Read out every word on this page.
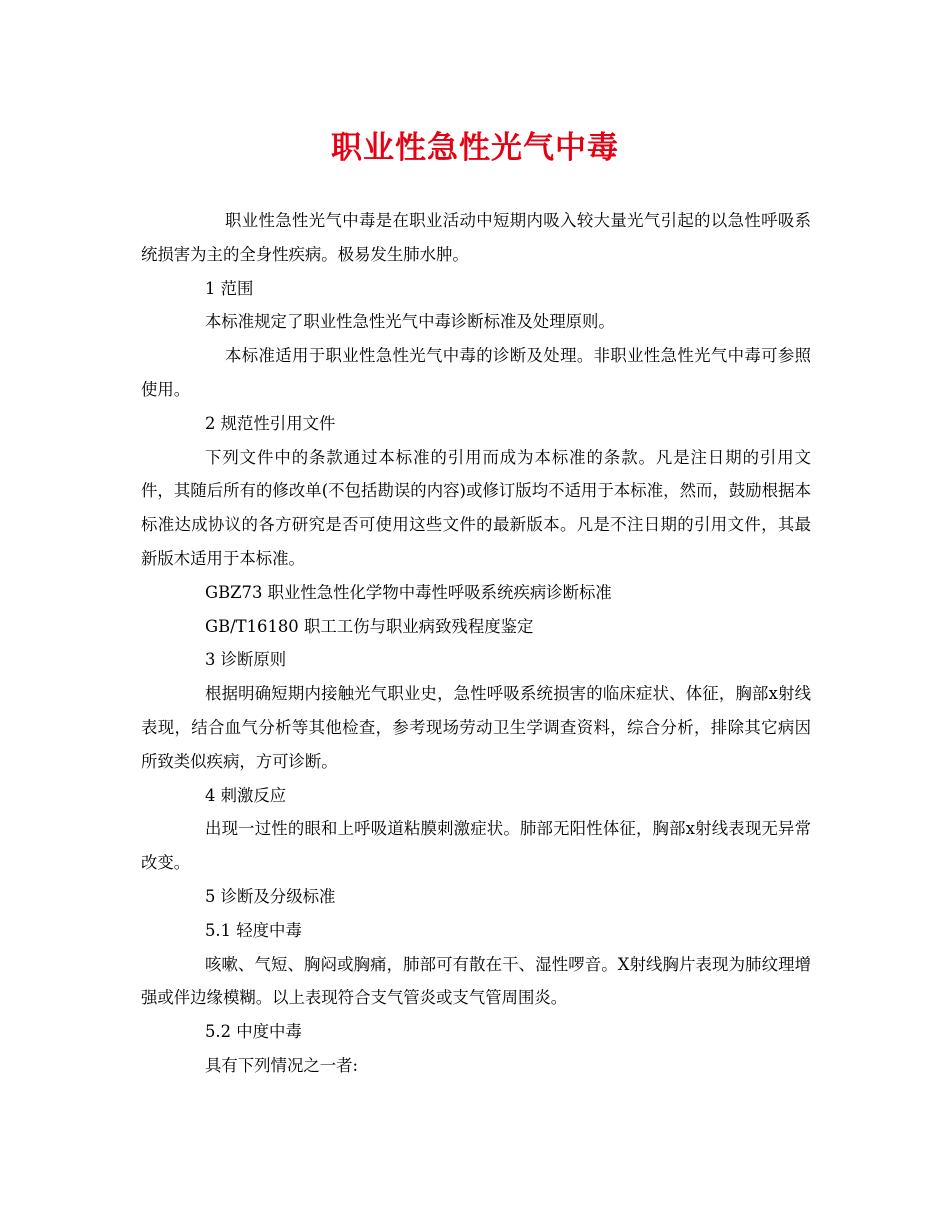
职业性急性光气中毒

职业性急性光气中毒是在职业活动中短期内吸入较大量光气引起的以急性呼吸系统损害为主的全身性疾病。极易发生肺水肿。

1 范围

本标准规定了职业性急性光气中毒诊断标准及处理原则。

本标准适用于职业性急性光气中毒的诊断及处理。非职业性急性光气中毒可参照使用。

2 规范性引用文件

下列文件中的条款通过本标准的引用而成为本标准的条款。凡是注日期的引用文件，其随后所有的修改单(不包括勘误的内容)或修订版均不适用于本标准，然而，鼓励根据本标准达成协议的各方研究是否可使用这些文件的最新版本。凡是不注日期的引用文件，其最新版木适用于本标准。

GBZ73 职业性急性化学物中毒性呼吸系统疾病诊断标准

GB/T16180 职工工伤与职业病致残程度鉴定

3 诊断原则

根据明确短期内接触光气职业史，急性呼吸系统损害的临床症状、体征，胸部x射线表现，结合血气分析等其他检查，参考现场劳动卫生学调查资料，综合分析，排除其它病因所致类似疾病，方可诊断。

4 刺激反应

出现一过性的眼和上呼吸道粘膜刺激症状。肺部无阳性体征，胸部x射线表现无异常改变。

5 诊断及分级标准

5.1 轻度中毒

咳嗽、气短、胸闷或胸痛，肺部可有散在干、湿性啰音。X射线胸片表现为肺纹理增强或伴边缘模糊。以上表现符合支气管炎或支气管周围炎。

5.2 中度中毒

具有下列情况之一者:
